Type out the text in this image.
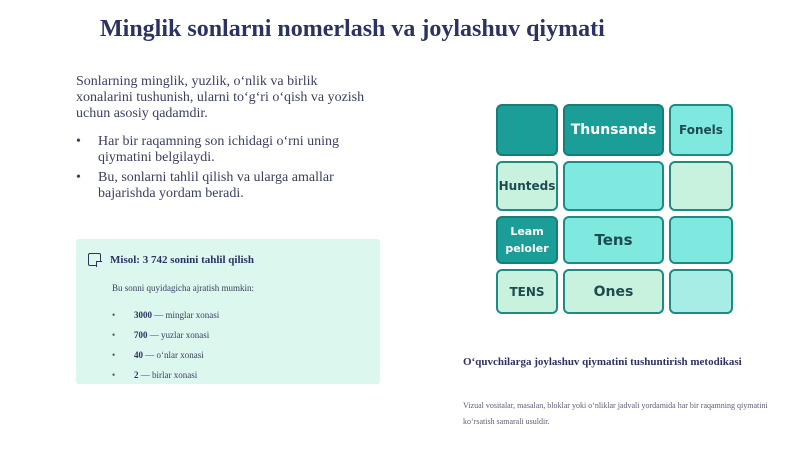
Minglik sonlarni nomerlash va joylashuv qiymati

Sonlarning minglik, yuzlik, o‘nlik va birlik xonalarini tushunish, ularni to‘g‘ri o‘qish va yozish uchun asosiy qadamdir.

• Har bir raqamning son ichidagi o‘rni uning qiymatini belgilaydi.
• Bu, sonlarni tahlil qilish va ularga amallar bajarishda yordam beradi.
Misol: 3 742 sonini tahlil qilish
Bu sonni quyidagicha ajratish mumkin:
• 3000 — minglar xonasi
• 700 — yuzlar xonasi
• 40 — o‘nlar xonasi
• 2 — birlar xonasi
Thunsands	Fonels
Hunteds
Leam peloler	Tens
TENS	Ones
O‘quvchilarga joylashuv qiymatini tushuntirish metodikasi
Vizual vositalar, masalan, bloklar yoki o‘nliklar jadvali yordamida har bir raqamning qiymatini ko‘rsatish samarali usuldir.
